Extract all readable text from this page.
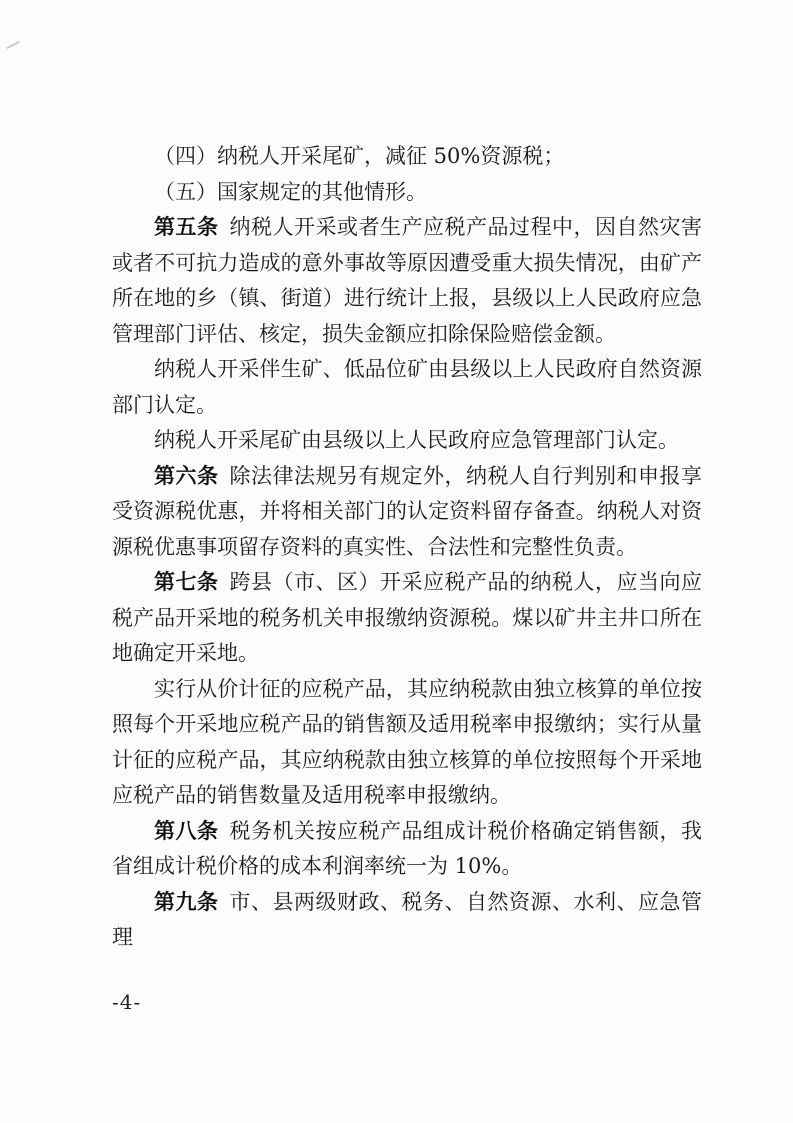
（四）纳税人开采尾矿，减征 50%资源税；

（五）国家规定的其他情形。

第五条  纳税人开采或者生产应税产品过程中，因自然灾害或者不可抗力造成的意外事故等原因遭受重大损失情况，由矿产所在地的乡（镇、街道）进行统计上报，县级以上人民政府应急管理部门评估、核定，损失金额应扣除保险赔偿金额。

纳税人开采伴生矿、低品位矿由县级以上人民政府自然资源部门认定。

纳税人开采尾矿由县级以上人民政府应急管理部门认定。

第六条  除法律法规另有规定外，纳税人自行判别和申报享受资源税优惠，并将相关部门的认定资料留存备查。纳税人对资源税优惠事项留存资料的真实性、合法性和完整性负责。

第七条  跨县（市、区）开采应税产品的纳税人，应当向应税产品开采地的税务机关申报缴纳资源税。煤以矿井主井口所在地确定开采地。

实行从价计征的应税产品，其应纳税款由独立核算的单位按照每个开采地应税产品的销售额及适用税率申报缴纳；实行从量计征的应税产品，其应纳税款由独立核算的单位按照每个开采地应税产品的销售数量及适用税率申报缴纳。

第八条  税务机关按应税产品组成计税价格确定销售额，我省组成计税价格的成本利润率统一为 10%。

第九条  市、县两级财政、税务、自然资源、水利、应急管理

-4-
